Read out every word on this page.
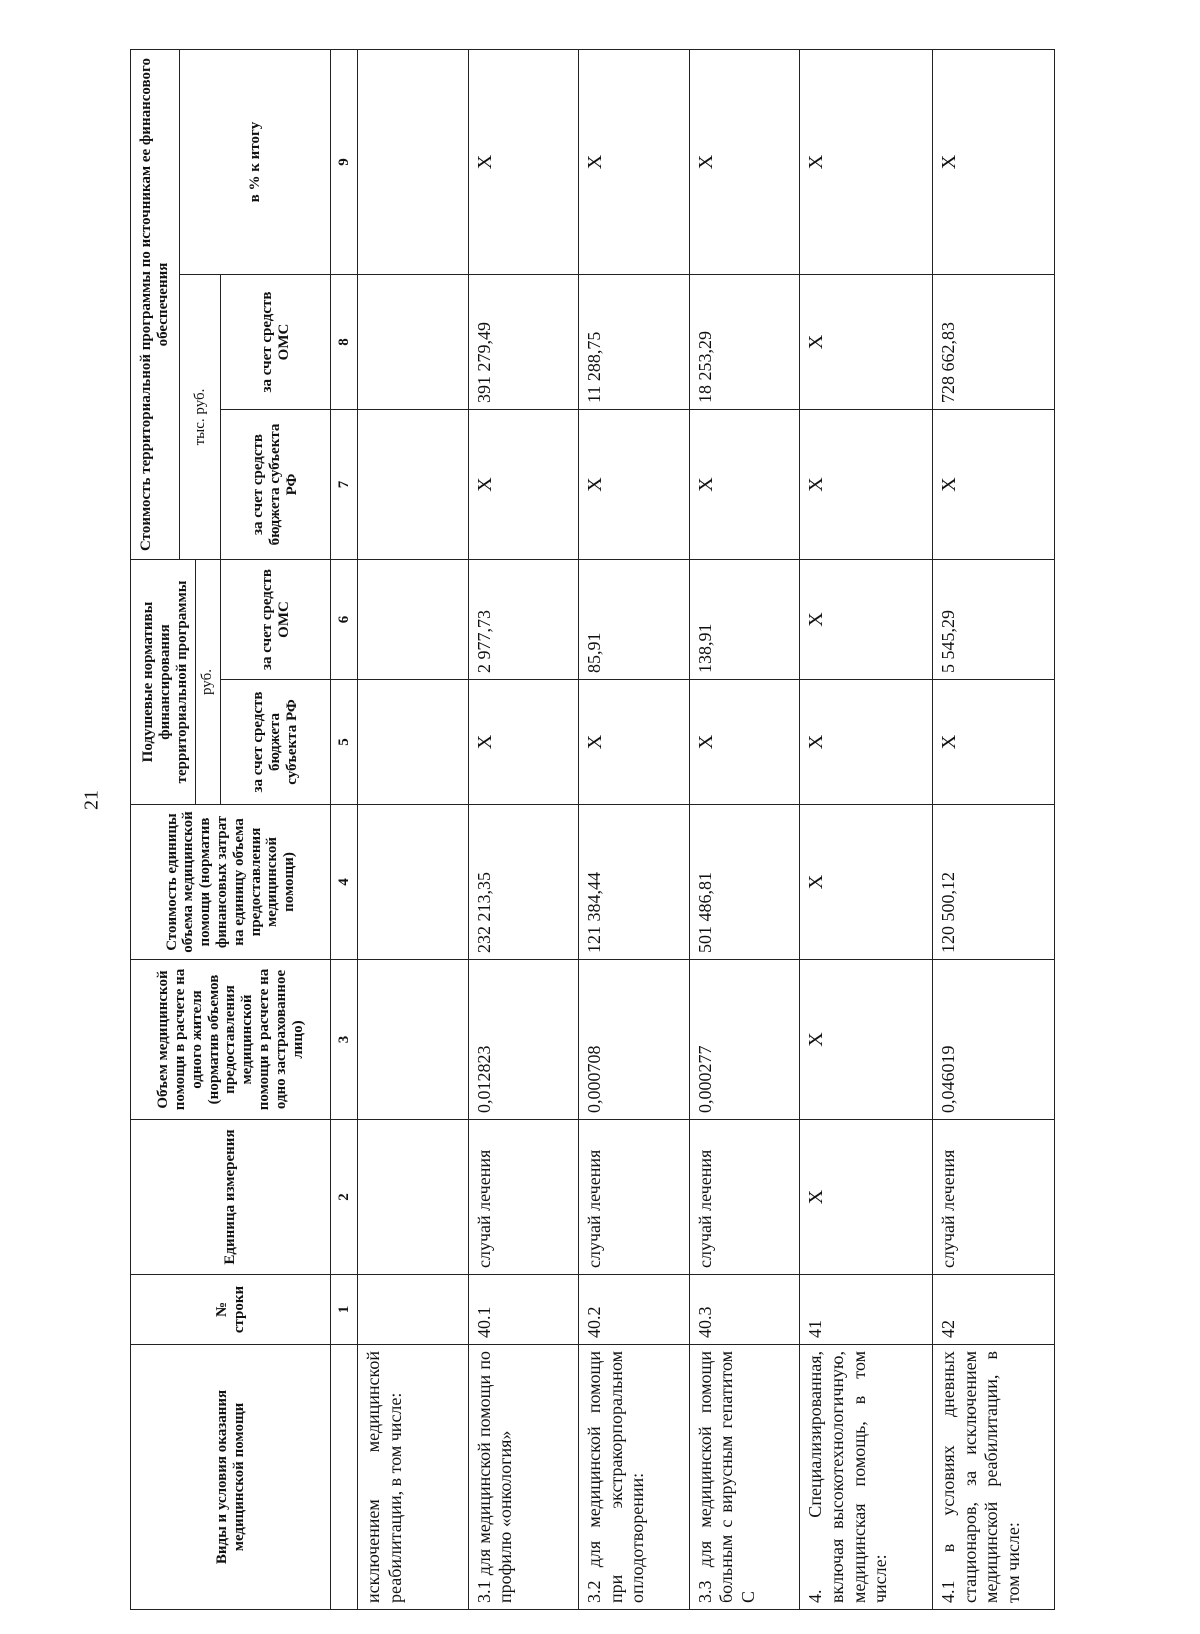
21
Виды и условия оказания медицинской помощи	№ строки	Единица измерения	Объем медицинской помощи в расчете на одного жителя (норматив объемов предоставления медицинской помощи в расчете на одно застрахованное лицо)	Стоимость единицы объема медицинской помощи (норматив финансовых затрат на единицу объема предоставления медицинской помощи)	Подушевые нормативы финансирования территориальной программы руб.		Стоимость территориальной программы по источникам ее финансового обеспечения		
							тыс. руб.		в % к итогу
					за счет средств бюджета субъекта РФ	за счет средств ОМС	за счет средств бюджета субъекта РФ	за счет средств ОМС	
	1	2	3	4	5	6	7	8	9
исключением медицинской реабилитации, в том числе:									
3.1 для медицинской помощи по профилю «онкология»	40.1	случай лечения	0,012823	232 213,35	X	2 977,73	X	391 279,49	X
3.2 для медицинской помощи при экстракорпоральном оплодотворении:	40.2	случай лечения	0,000708	121 384,44	X	85,91	X	11 288,75	X
3.3 для медицинской помощи больным с вирусным гепатитом С	40.3	случай лечения	0,000277	501 486,81	X	138,91	X	18 253,29	X
4. Специализированная, включая высокотехнологичную, медицинская помощь, в том числе:	41	X	X	X	X	X	X	X	X
4.1 в условиях дневных стационаров, за исключением медицинской реабилитации, в том числе:	42	случай лечения	0,046019	120 500,12	X	5 545,29	X	728 662,83	X
